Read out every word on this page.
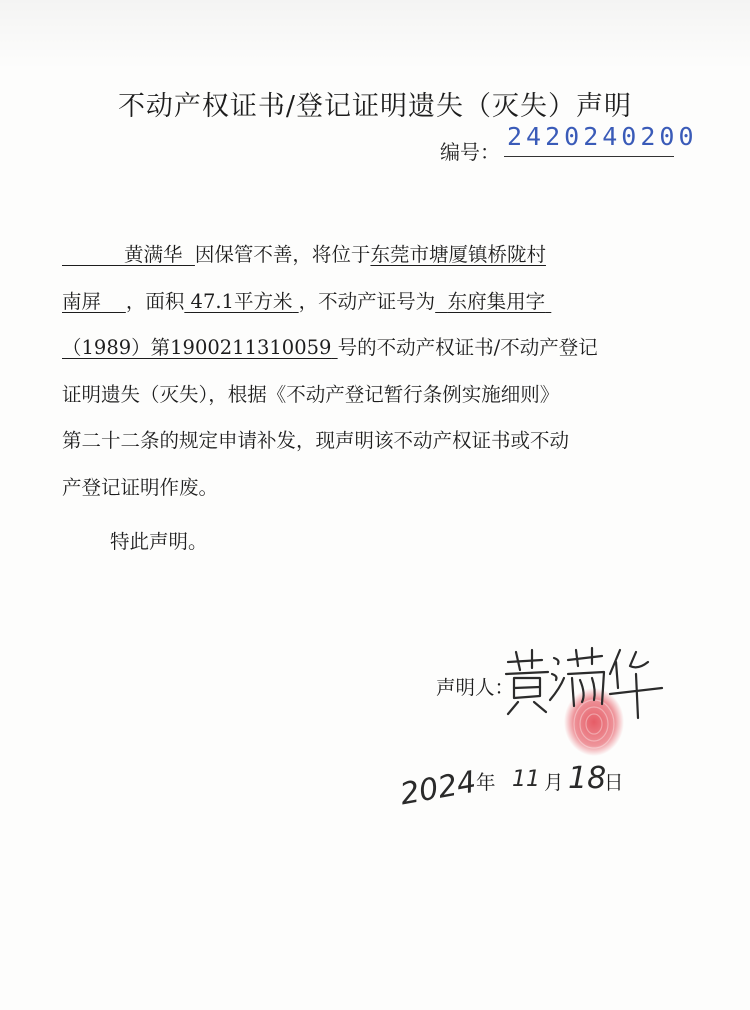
不动产权证书/登记证明遗失（灭失）声明
编号：
2420240200
黄满华 因保管不善，将位于东莞市塘厦镇桥陇村
南屏 ，面积 47.1平方米 ，不动产证号为 东府集用字
（1989）第1900211310059 号的不动产权证书/不动产登记
证明遗失（灭失），根据《不动产登记暂行条例实施细则》
第二十二条的规定申请补发，现声明该不动产权证书或不动
产登记证明作废。
特此声明。
声明人：
2024
年 11 月 18
日
